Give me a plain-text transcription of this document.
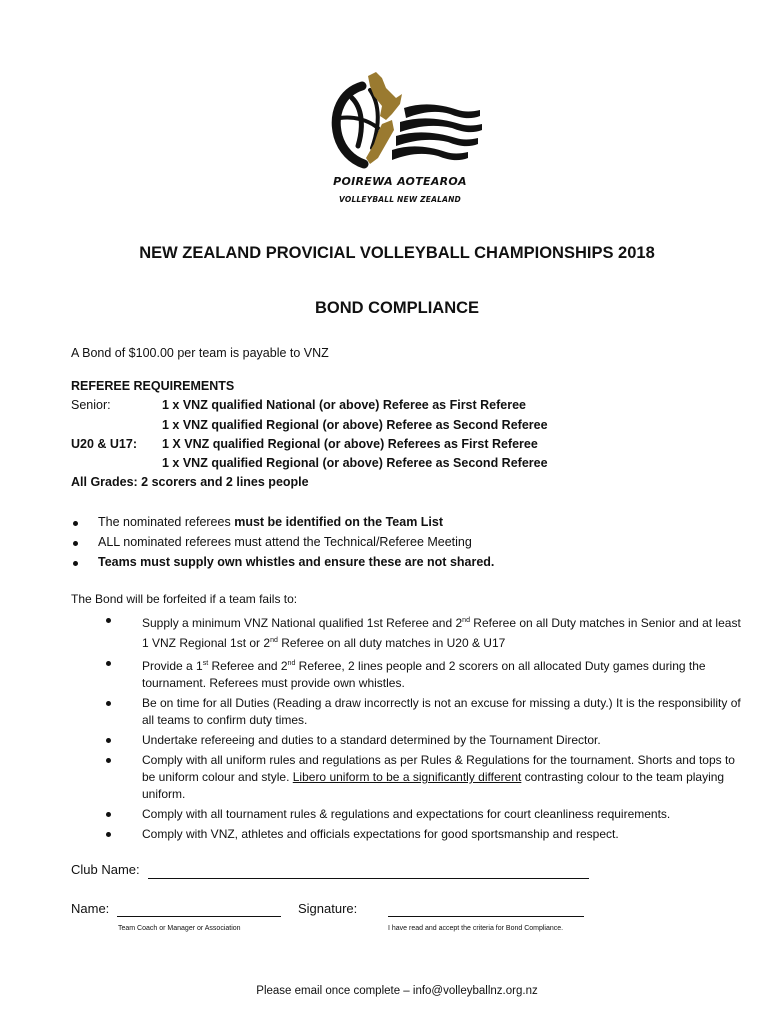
POIREWA AOTEAROA
VOLLEYBALL NEW ZEALAND
NEW ZEALAND PROVICIAL VOLLEYBALL CHAMPIONSHIPS 2018
BOND COMPLIANCE
A Bond of $100.00 per team is payable to VNZ
REFEREE REQUIREMENTS
Senior:	1 x VNZ qualified National (or above) Referee as First Referee
1 x VNZ qualified Regional (or above) Referee as Second Referee
U20 & U17: 1 X VNZ qualified Regional (or above) Referees as First Referee
1 x VNZ qualified Regional (or above) Referee as Second Referee
All Grades: 2 scorers and 2 lines people
The nominated referees must be identified on the Team List
ALL nominated referees must attend the Technical/Referee Meeting
Teams must supply own whistles and ensure these are not shared.
The Bond will be forfeited if a team fails to:
Supply a minimum VNZ National qualified 1st Referee and 2nd Referee on all Duty matches in Senior and at least 1 VNZ Regional 1st or 2nd Referee on all duty matches in U20 & U17
Provide a 1st Referee and 2nd Referee, 2 lines people and 2 scorers on all allocated Duty games during the tournament. Referees must provide own whistles.
Be on time for all Duties (Reading a draw incorrectly is not an excuse for missing a duty.) It is the responsibility of all teams to confirm duty times.
Undertake refereeing and duties to a standard determined by the Tournament Director.
Comply with all uniform rules and regulations as per Rules & Regulations for the tournament. Shorts and tops to be uniform colour and style. Libero uniform to be a significantly different contrasting colour to the team playing uniform.
Comply with all tournament rules & regulations and expectations for court cleanliness requirements.
Comply with VNZ, athletes and officials expectations for good sportsmanship and respect.
Club Name:
Name:	Signature:
Team Coach or Manager or Association	I have read and accept the criteria for Bond Compliance.
Please email once complete – info@volleyballnz.org.nz
